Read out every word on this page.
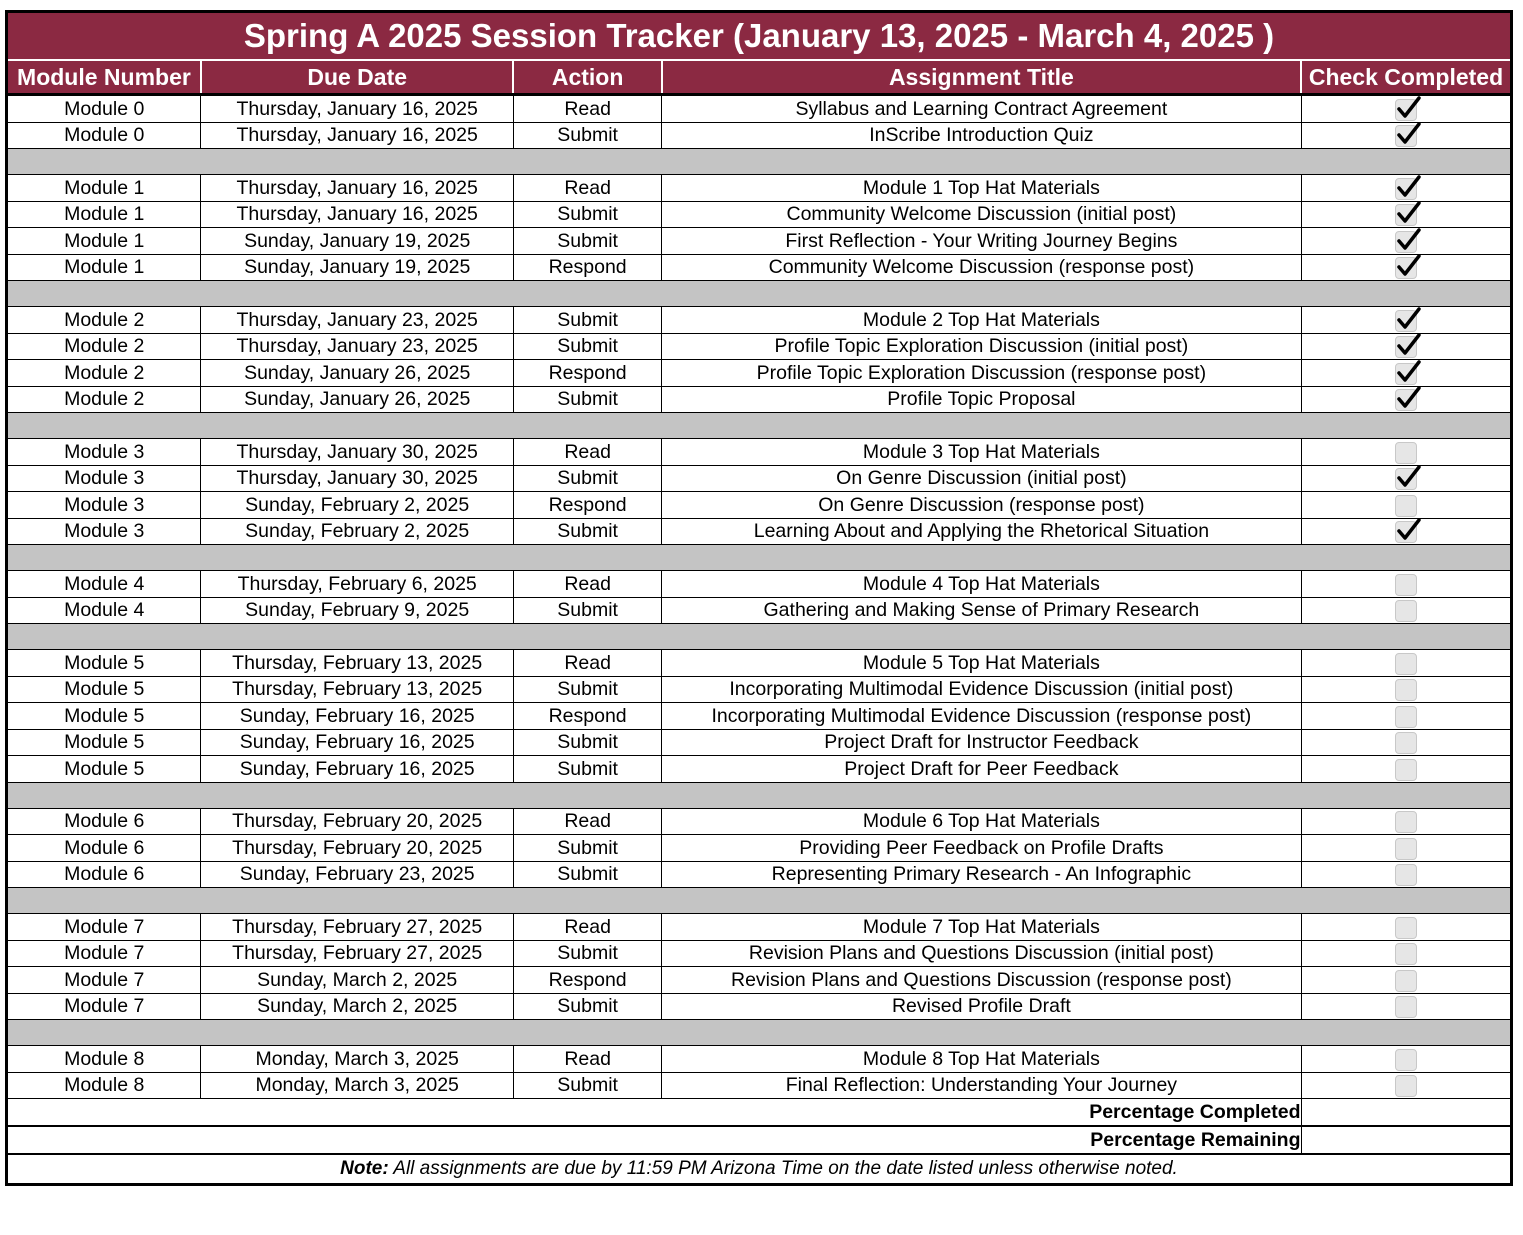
Spring A 2025 Session Tracker (January 13, 2025 - March 4, 2025 )				
Module Number	Due Date	Action	Assignment Title	Check Completed
Module 0	Thursday, January 16, 2025	Read	Syllabus and Learning Contract Agreement	

Module 0	Thursday, January 16, 2025	Submit	InScribe Introduction Quiz	

Module 1	Thursday, January 16, 2025	Read	Module 1 Top Hat Materials	

Module 1	Thursday, January 16, 2025	Submit	Community Welcome Discussion (initial post)	

Module 1	Sunday, January 19, 2025	Submit	First Reflection - Your Writing Journey Begins	

Module 1	Sunday, January 19, 2025	Respond	Community Welcome Discussion (response post)	

Module 2	Thursday, January 23, 2025	Submit	Module 2 Top Hat Materials	

Module 2	Thursday, January 23, 2025	Submit	Profile Topic Exploration Discussion (initial post)	

Module 2	Sunday, January 26, 2025	Respond	Profile Topic Exploration Discussion (response post)	

Module 2	Sunday, January 26, 2025	Submit	Profile Topic Proposal	

Module 3	Thursday, January 30, 2025	Read	Module 3 Top Hat Materials	
Module 3	Thursday, January 30, 2025	Submit	On Genre Discussion (initial post)	

Module 3	Sunday, February 2, 2025	Respond	On Genre Discussion (response post)	
Module 3	Sunday, February 2, 2025	Submit	Learning About and Applying the Rhetorical Situation	

Module 4	Thursday, February 6, 2025	Read	Module 4 Top Hat Materials	
Module 4	Sunday, February 9, 2025	Submit	Gathering and Making Sense of Primary Research	

Module 5	Thursday, February 13, 2025	Read	Module 5 Top Hat Materials	
Module 5	Thursday, February 13, 2025	Submit	Incorporating Multimodal Evidence Discussion (initial post)	
Module 5	Sunday, February 16, 2025	Respond	Incorporating Multimodal Evidence Discussion (response post)	
Module 5	Sunday, February 16, 2025	Submit	Project Draft for Instructor Feedback	
Module 5	Sunday, February 16, 2025	Submit	Project Draft for Peer Feedback	

Module 6	Thursday, February 20, 2025	Read	Module 6 Top Hat Materials	
Module 6	Thursday, February 20, 2025	Submit	Providing Peer Feedback on Profile Drafts	
Module 6	Sunday, February 23, 2025	Submit	Representing Primary Research - An Infographic	

Module 7	Thursday, February 27, 2025	Read	Module 7 Top Hat Materials	
Module 7	Thursday, February 27, 2025	Submit	Revision Plans and Questions Discussion (initial post)	
Module 7	Sunday, March 2, 2025	Respond	Revision Plans and Questions Discussion (response post)	
Module 7	Sunday, March 2, 2025	Submit	Revised Profile Draft	

Module 8	Monday, March 3, 2025	Read	Module 8 Top Hat Materials	
Module 8	Monday, March 3, 2025	Submit	Final Reflection: Understanding Your Journey	
Percentage Completed				
Percentage Remaining				
Note: All assignments are due by 11:59 PM Arizona Time on the date listed unless otherwise noted.				
